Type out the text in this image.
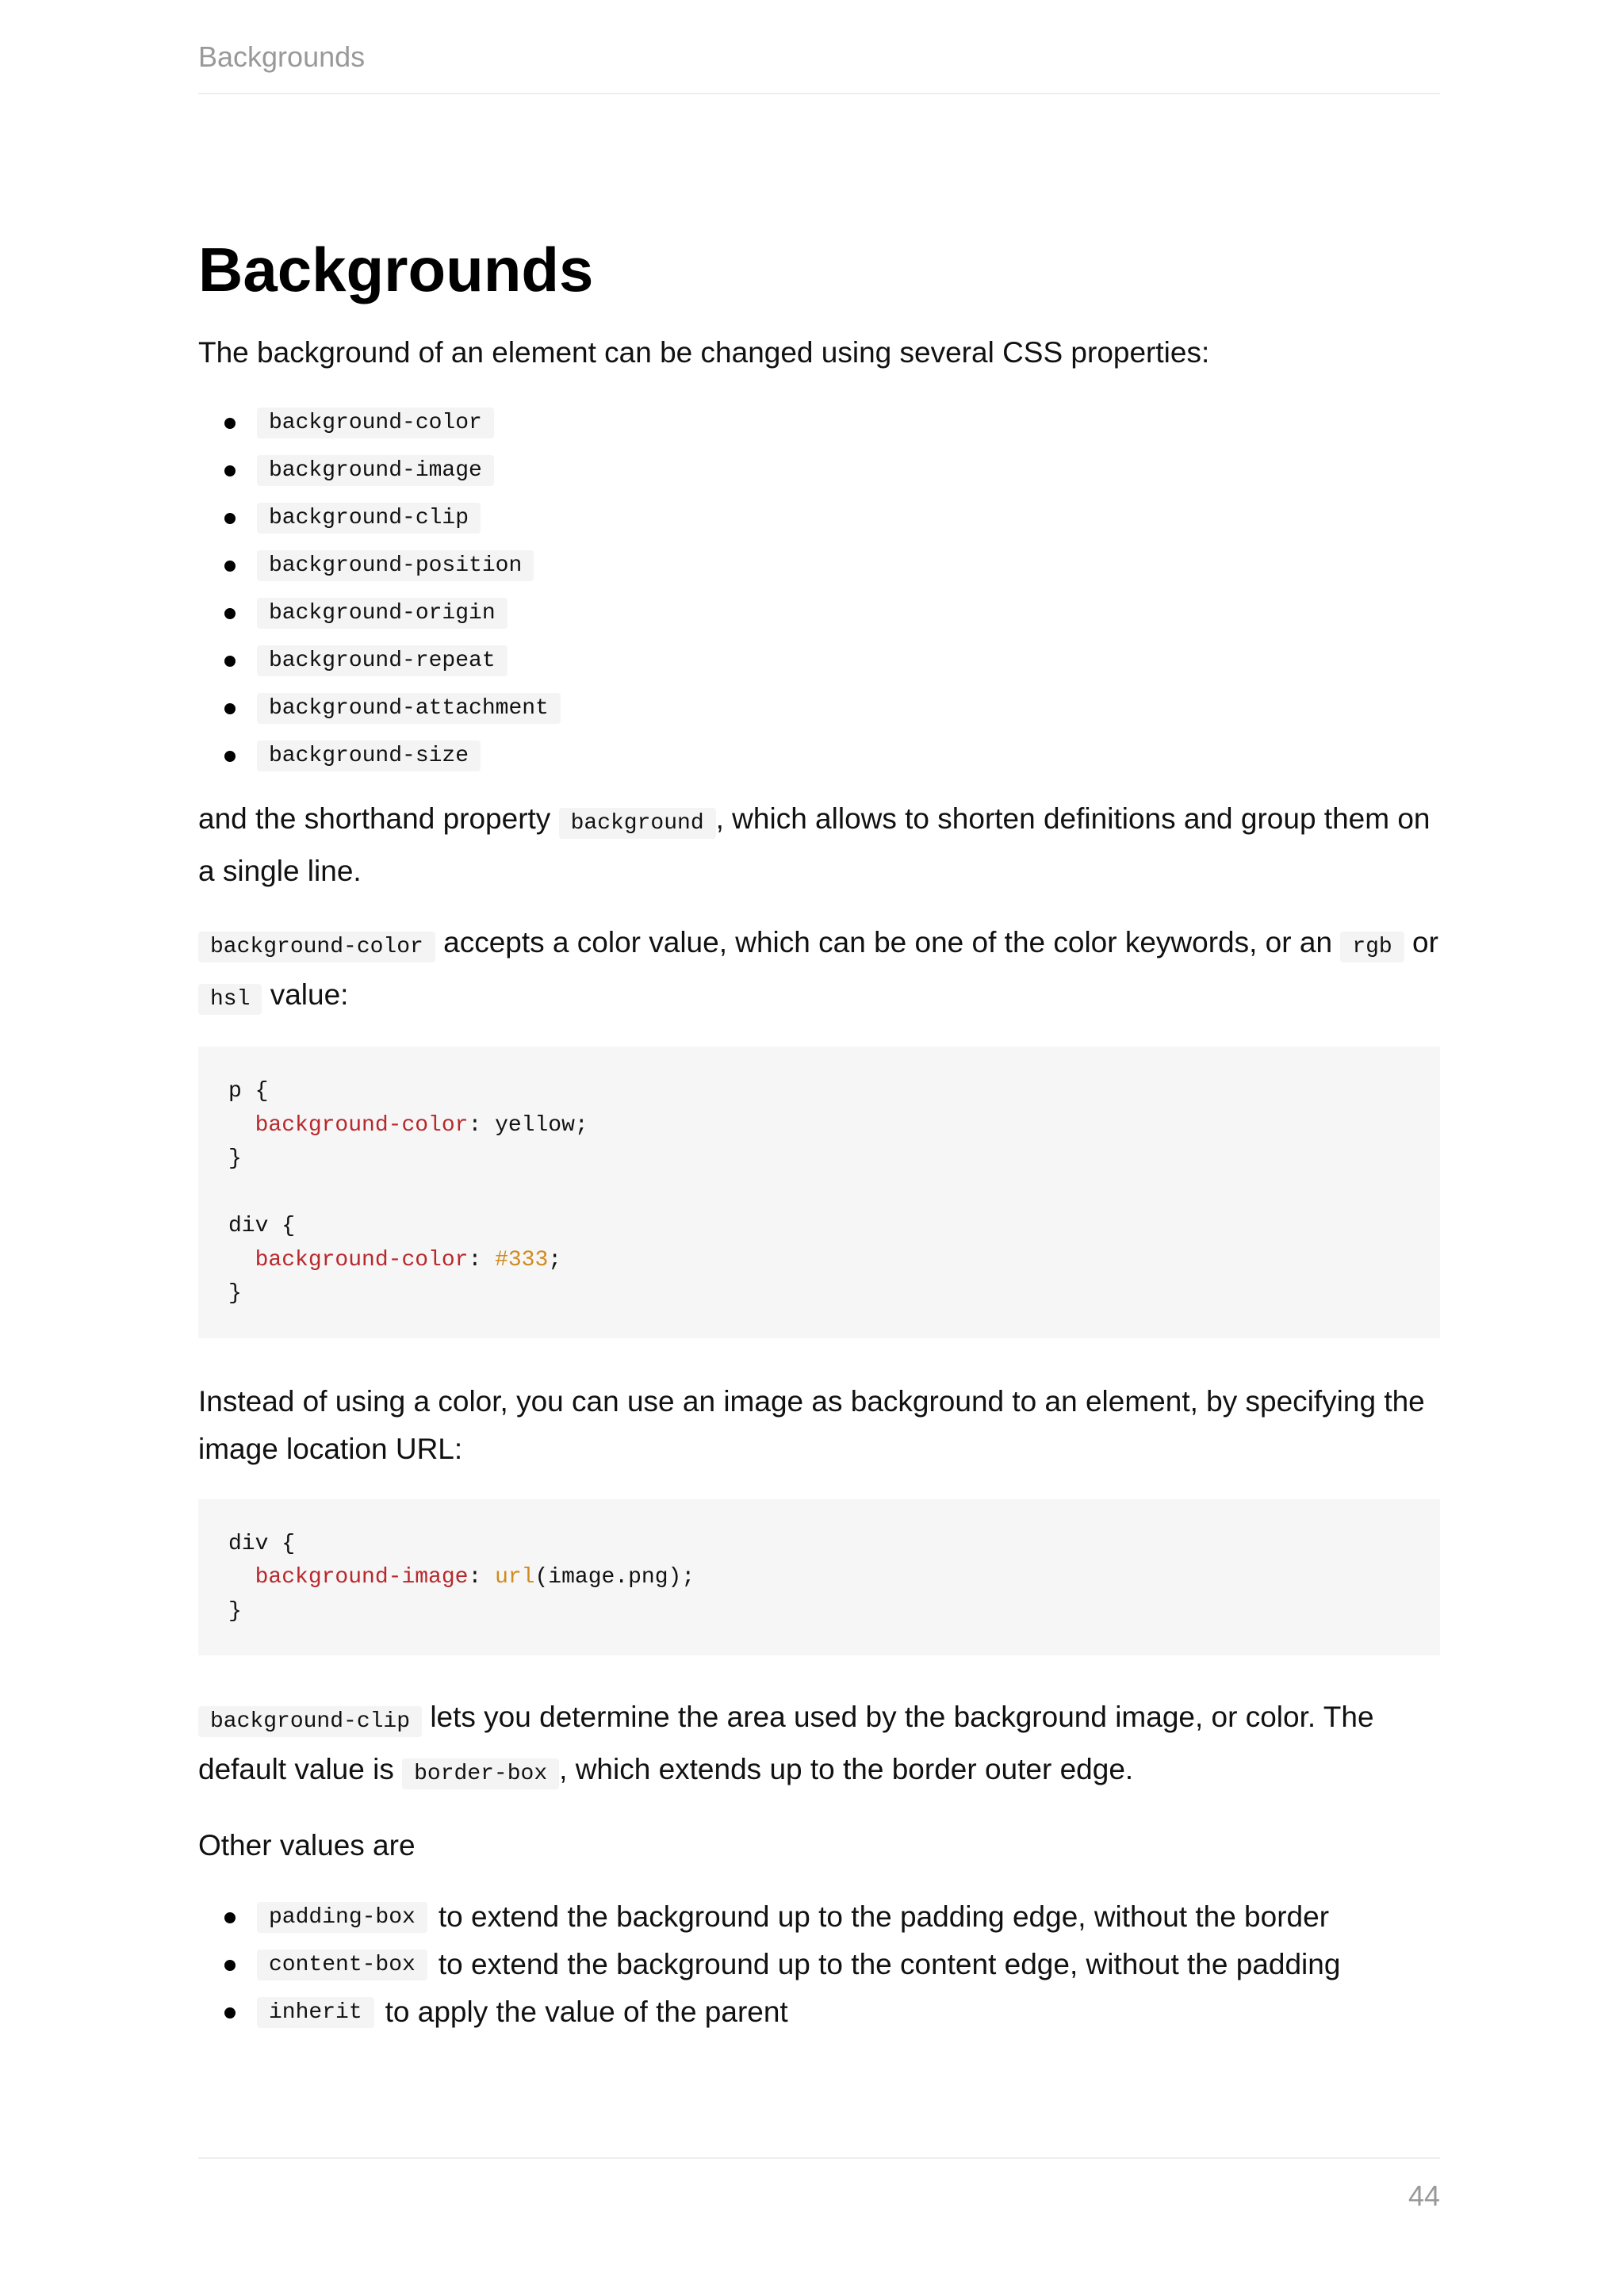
Backgrounds
Backgrounds

The background of an element can be changed using several CSS properties:

background-color
background-image
background-clip
background-position
background-origin
background-repeat
background-attachment
background-size

and the shorthand property background , which allows to shorten definitions and group them on a single line.

background-color accepts a color value, which can be one of the color keywords, or an rgb or hsl value:

p {
background-color: yellow;
}

div {
background-color: #333;
}

Instead of using a color, you can use an image as background to an element, by specifying the image location URL:

div {
background-image: url(image.png);
}

background-clip lets you determine the area used by the background image, or color. The default value is border-box , which extends up to the border outer edge.

Other values are

padding-box to extend the background up to the padding edge, without the border
content-box to extend the background up to the content edge, without the padding
inherit to apply the value of the parent
44
